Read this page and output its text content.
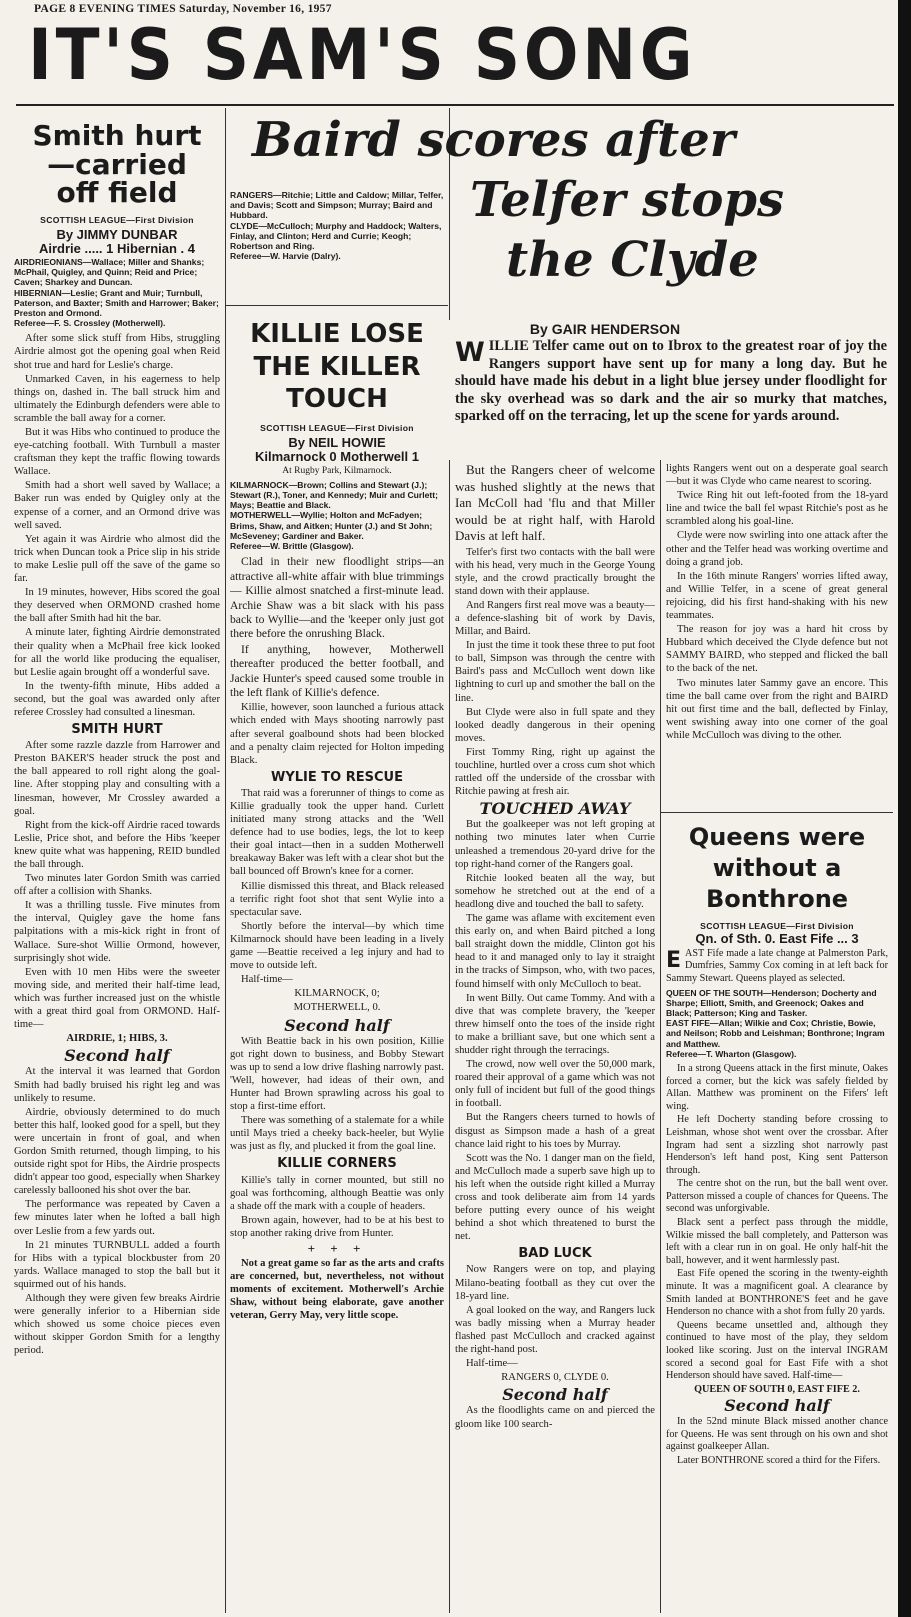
PAGE 8 EVENING TIMES Saturday, November 16, 1957
IT'S SAM'S SONG
Smith hurt
—carried
off field
SCOTTISH LEAGUE—First Division
By JIMMY DUNBAR
Airdrie ..... 1 Hibernian . 4
AIRDRIEONIANS—Wallace; Miller and Shanks; McPhail, Quigley, and Quinn; Reid and Price; Caven; Sharkey and Duncan.
HIBERNIAN—Leslie; Grant and Muir; Turnbull, Paterson, and Baxter; Smith and Harrower; Baker; Preston and Ormond.
Referee—F. S. Crossley (Motherwell).

After some slick stuff from Hibs, struggling Airdrie almost got the opening goal when Reid shot true and hard for Leslie's charge.

Unmarked Caven, in his eagerness to help things on, dashed in. The ball struck him and ultimately the Edinburgh defenders were able to scramble the ball away for a corner.

But it was Hibs who continued to produce the eye-catching football. With Turnbull a master craftsman they kept the traffic flowing towards Wallace.

Smith had a short well saved by Wallace; a Baker run was ended by Quigley only at the expense of a corner, and an Ormond drive was well saved.

Yet again it was Airdrie who almost did the trick when Duncan took a Price slip in his stride to make Leslie pull off the save of the game so far.

In 19 minutes, however, Hibs scored the goal they deserved when ORMOND crashed home the ball after Smith had hit the bar.

A minute later, fighting Airdrie demonstrated their quality when a McPhail free kick looked for all the world like producing the equaliser, but Leslie again brought off a wonderful save.

In the twenty-fifth minute, Hibs added a second, but the goal was awarded only after referee Crossley had consulted a linesman.

SMITH HURT

After some razzle dazzle from Harrower and Preston BAKER'S header struck the post and the ball appeared to roll right along the goal-line. After stopping play and consulting with a linesman, however, Mr Crossley awarded a goal.

Right from the kick-off Airdrie raced towards Leslie, Price shot, and before the Hibs 'keeper knew quite what was happening, REID bundled the ball through.

Two minutes later Gordon Smith was carried off after a collision with Shanks.

It was a thrilling tussle. Five minutes from the interval, Quigley gave the home fans palpitations with a mis-kick right in front of Wallace. Sure-shot Willie Ormond, however, surprisingly shot wide.

Even with 10 men Hibs were the sweeter moving side, and merited their half-time lead, which was further increased just on the whistle with a great third goal from ORMOND. Half-time—

AIRDRIE, 1; HIBS, 3.

Second half

At the interval it was learned that Gordon Smith had badly bruised his right leg and was unlikely to resume.

Airdrie, obviously determined to do much better this half, looked good for a spell, but they were uncertain in front of goal, and when Gordon Smith returned, though limping, to his outside right spot for Hibs, the Airdrie prospects didn't appear too good, especially when Sharkey carelessly ballooned his shot over the bar.

The performance was repeated by Caven a few minutes later when he lofted a ball high over Leslie from a few yards out.

In 21 minutes TURNBULL added a fourth for Hibs with a typical blockbuster from 20 yards. Wallace managed to stop the ball but it squirmed out of his hands.

Although they were given few breaks Airdrie were generally inferior to a Hibernian side which showed us some choice pieces even without skipper Gordon Smith for a lengthy period.

Baird scores after
Telfer stops
the Clyde
RANGERS—Ritchie; Little and Caldow; Millar, Telfer, and Davis; Scott and Simpson; Murray; Baird and Hubbard.
CLYDE—McCulloch; Murphy and Haddock; Walters, Finlay, and Clinton; Herd and Currie; Keogh; Robertson and Ring.
Referee—W. Harvie (Dalry).
By GAIR HENDERSON
WILLIE Telfer came out on to Ibrox to the greatest roar of joy the Rangers support have sent up for many a long day. But he should have made his debut in a light blue jersey under floodlight for the sky overhead was so dark and the air so murky that matches, sparked off on the terracing, let up the scene for yards around.
KILLIE LOSE
THE KILLER
TOUCH
SCOTTISH LEAGUE—First Division
By NEIL HOWIE
Kilmarnock 0 Motherwell 1

At Rugby Park, Kilmarnock.

KILMARNOCK—Brown; Collins and Stewart (J.); Stewart (R.), Toner, and Kennedy; Muir and Curlett; Mays; Beattie and Black.
MOTHERWELL—Wyllie; Holton and McFadyen; Brims, Shaw, and Aitken; Hunter (J.) and St John; McSeveney; Gardiner and Baker.
Referee—W. Brittle (Glasgow).

Clad in their new floodlight strips—an attractive all-white affair with blue trimmings — Killie almost snatched a first-minute lead. Archie Shaw was a bit slack with his pass back to Wyllie—and the 'keeper only just got there before the onrushing Black.

If anything, however, Motherwell thereafter produced the better football, and Jackie Hunter's speed caused some trouble in the left flank of Killie's defence.

Killie, however, soon launched a furious attack which ended with Mays shooting narrowly past after several goalbound shots had been blocked and a penalty claim rejected for Holton impeding Black.

WYLIE TO RESCUE

That raid was a forerunner of things to come as Killie gradually took the upper hand. Curlett initiated many strong attacks and the 'Well defence had to use bodies, legs, the lot to keep their goal intact—then in a sudden Motherwell breakaway Baker was left with a clear shot but the ball bounced off Brown's knee for a corner.

Killie dismissed this threat, and Black released a terrific right foot shot that sent Wylie into a spectacular save.

Shortly before the interval—by which time Kilmarnock should have been leading in a lively game —Beattie received a leg injury and had to move to outside left.

Half-time—

KILMARNOCK, 0;

MOTHERWELL, 0.

Second half

With Beattie back in his own position, Killie got right down to business, and Bobby Stewart was up to send a low drive flashing narrowly past. 'Well, however, had ideas of their own, and Hunter had Brown sprawling across his goal to stop a first-time effort.

There was something of a stalemate for a while until Mays tried a cheeky back-heeler, but Wylie was just as fly, and plucked it from the goal line.

KILLIE CORNERS

Killie's tally in corner mounted, but still no goal was forthcoming, although Beattie was only a shade off the mark with a couple of headers.

Brown again, however, had to be at his best to stop another raking drive from Hunter.

+ + +

Not a great game so far as the arts and crafts are concerned, but, nevertheless, not without moments of excitement. Motherwell's Archie Shaw, without being elaborate, gave another veteran, Gerry May, very little scope.

But the Rangers cheer of welcome was hushed slightly at the news that Ian McColl had 'flu and that Miller would be at right half, with Harold Davis at left half.

Telfer's first two contacts with the ball were with his head, very much in the George Young style, and the crowd practically brought the stand down with their applause.

And Rangers first real move was a beauty—a defence-slashing bit of work by Davis, Millar, and Baird.

In just the time it took these three to put foot to ball, Simpson was through the centre with Baird's pass and McCulloch went down like lightning to curl up and smother the ball on the line.

But Clyde were also in full spate and they looked deadly dangerous in their opening moves.

First Tommy Ring, right up against the touchline, hurtled over a cross cum shot which rattled off the underside of the crossbar with Ritchie pawing at fresh air.

TOUCHED AWAY

But the goalkeeper was not left groping at nothing two minutes later when Currie unleashed a tremendous 20-yard drive for the top right-hand corner of the Rangers goal.

Ritchie looked beaten all the way, but somehow he stretched out at the end of a headlong dive and touched the ball to safety.

The game was aflame with excitement even this early on, and when Baird pitched a long ball straight down the middle, Clinton got his head to it and managed only to lay it straight in the tracks of Simpson, who, with two paces, found himself with only McCulloch to beat.

In went Billy. Out came Tommy. And with a dive that was complete bravery, the 'keeper threw himself onto the toes of the inside right to make a brilliant save, but one which sent a shudder right through the terracings.

The crowd, now well over the 50,000 mark, roared their approval of a game which was not only full of incident but full of the good things in football.

But the Rangers cheers turned to howls of disgust as Simpson made a hash of a great chance laid right to his toes by Murray.

Scott was the No. 1 danger man on the field, and McCulloch made a superb save high up to his left when the outside right killed a Murray cross and took deliberate aim from 14 yards before putting every ounce of his weight behind a shot which threatened to burst the net.

BAD LUCK

Now Rangers were on top, and playing Milano-beating football as they cut over the 18-yard line.

A goal looked on the way, and Rangers luck was badly missing when a Murray header flashed past McCulloch and cracked against the right-hand post.

Half-time—

RANGERS 0, CLYDE 0.

Second half

As the floodlights came on and pierced the gloom like 100 search-

lights Rangers went out on a desperate goal search—but it was Clyde who came nearest to scoring.

Twice Ring hit out left-footed from the 18-yard line and twice the ball fel wpast Ritchie's post as he scrambled along his goal-line.

Clyde were now swirling into one attack after the other and the Telfer head was working overtime and doing a grand job.

In the 16th minute Rangers' worries lifted away, and Willie Telfer, in a scene of great general rejoicing, did his first hand-shaking with his new teammates.

The reason for joy was a hard hit cross by Hubbard which deceived the Clyde defence but not SAMMY BAIRD, who stepped and flicked the ball to the back of the net.

Two minutes later Sammy gave an encore. This time the ball came over from the right and BAIRD hit out first time and the ball, deflected by Finlay, went swishing away into one corner of the goal while McCulloch was diving to the other.

Queens were
without a
Bonthrone
SCOTTISH LEAGUE—First Division
Qn. of Sth. 0. East Fife ... 3

EAST Fife made a late change at Palmerston Park, Dumfries, Sammy Cox coming in at left back for Sammy Stewart. Queens played as selected.

QUEEN OF THE SOUTH—Henderson; Docherty and Sharpe; Elliott, Smith, and Greenock; Oakes and Black; Patterson; King and Tasker.
EAST FIFE—Allan; Wilkie and Cox; Christie, Bowie, and Neilson; Robb and Leishman; Bonthrone; Ingram and Matthew.
Referee—T. Wharton (Glasgow).

In a strong Queens attack in the first minute, Oakes forced a corner, but the kick was safely fielded by Allan. Matthew was prominent on the Fifers' left wing.

He left Docherty standing before crossing to Leishman, whose shot went over the crossbar. After Ingram had sent a sizzling shot narrowly past Henderson's left hand post, King sent Patterson through.

The centre shot on the run, but the ball went over. Patterson missed a couple of chances for Queens. The second was unforgivable.

Black sent a perfect pass through the middle, Wilkie missed the ball completely, and Patterson was left with a clear run in on goal. He only half-hit the ball, however, and it went harmlessly past.

East Fife opened the scoring in the twenty-eighth minute. It was a magnificent goal. A clearance by Smith landed at BONTHRONE'S feet and he gave Henderson no chance with a shot from fully 20 yards.

Queens became unsettled and, although they continued to have most of the play, they seldom looked like scoring. Just on the interval INGRAM scored a second goal for East Fife with a shot Henderson should have saved. Half-time—

QUEEN OF SOUTH 0, EAST FIFE 2.

Second half

In the 52nd minute Black missed another chance for Queens. He was sent through on his own and shot against goalkeeper Allan.

Later BONTHRONE scored a third for the Fifers.
